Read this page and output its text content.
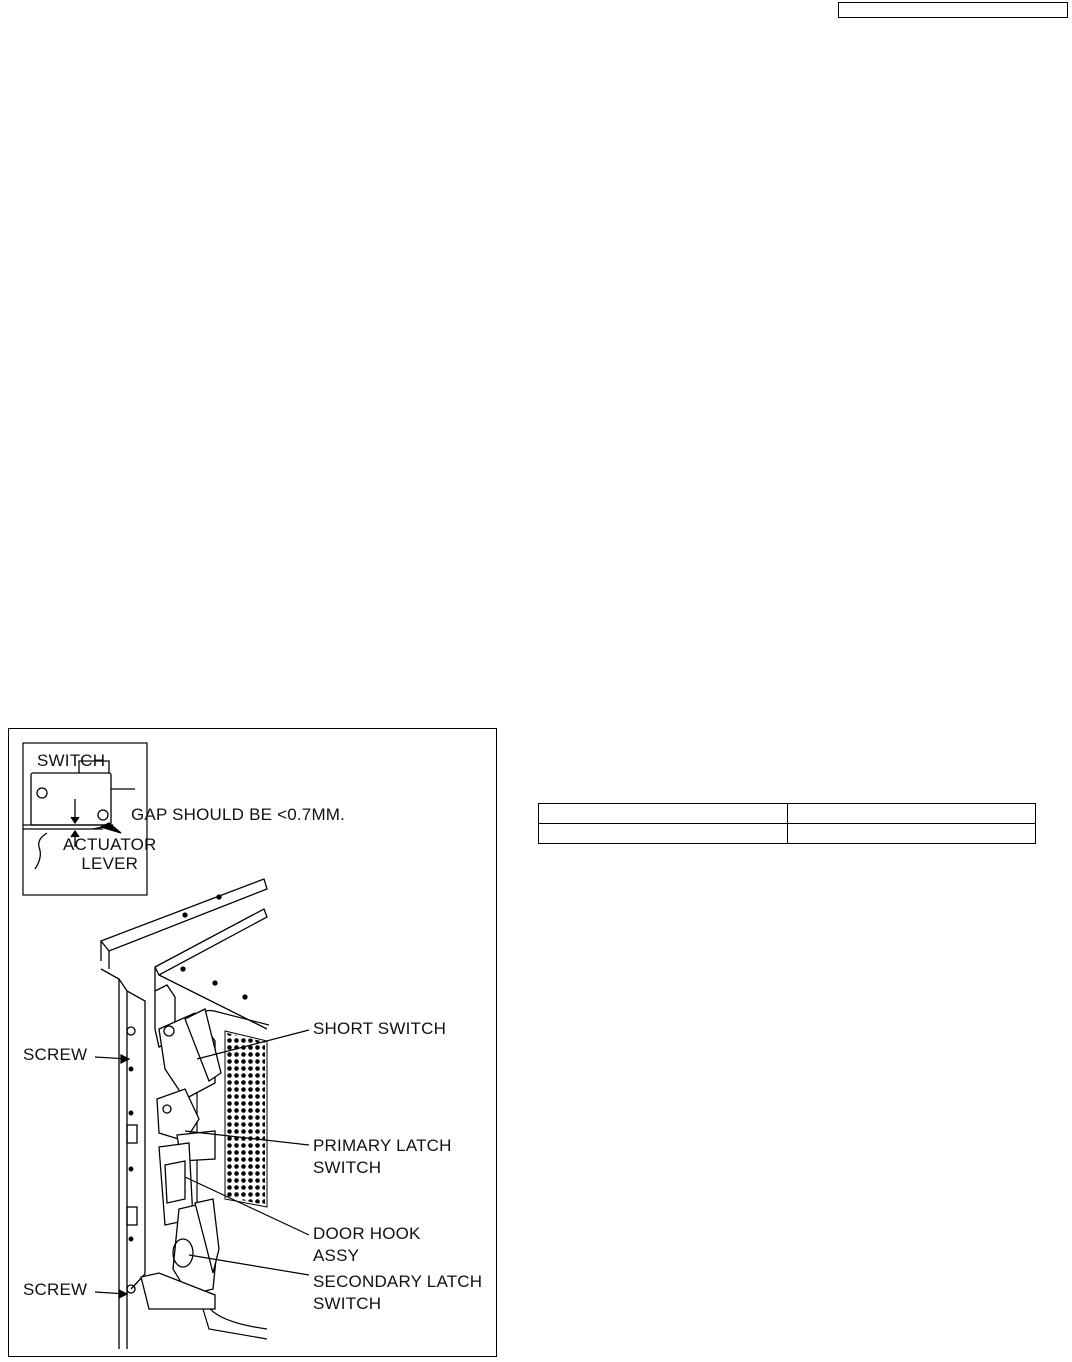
SWITCH
GAP SHOULD BE <0.7MM.
ACTUATOR
LEVER
SCREW
SCREW
SHORT SWITCH
PRIMARY LATCH
SWITCH
DOOR HOOK
ASSY
SECONDARY LATCH
SWITCH
